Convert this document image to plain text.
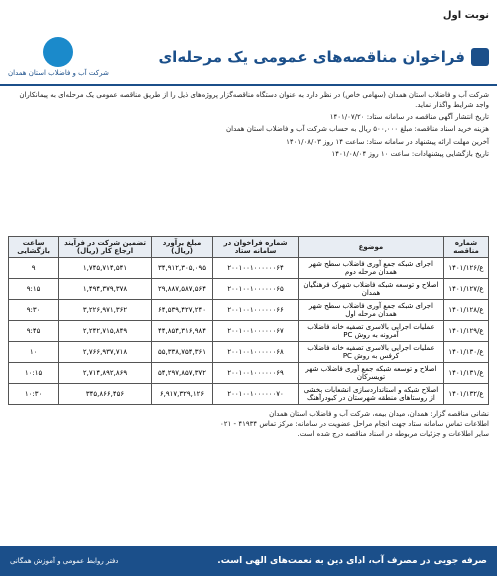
نوبت اول
فراخوان مناقصه‌های عمومی یک مرحله‌ای
شرکت آب و فاضلاب استان همدان

شرکت آب و فاضلاب استان همدان (سهامی خاص) در نظر دارد به عنوان دستگاه مناقصه‌گزار پروژه‌های ذیل را از طریق مناقصه عمومی یک مرحله‌ای به پیمانکاران واجد شرایط واگذار نماید.

تاریخ انتشار آگهی مناقصه در سامانه ستاد: ۱۴۰۱/۰۷/۲۰

هزینه خرید اسناد مناقصه: مبلغ ۵۰۰,۰۰۰ ریال به حساب شرکت آب و فاضلاب استان همدان

آخرین مهلت ارائه پیشنهاد در سامانه ستاد: ساعت ۱۴ روز ۱۴۰۱/۰۸/۰۳

تاریخ بازگشایی پیشنهادات: ساعت ۱۰ روز ۱۴۰۱/۰۸/۰۴

شماره مناقصه	موضوع	شماره فراخوان در سامانه ستاد	مبلغ برآورد (ریال)	تضمین شرکت در فرآیند ارجاع کار (ریال)	ساعت بازگشایی
ع/۱۴۰۱/۱۲۶	اجرای شبکه جمع آوری فاضلاب سطح شهر همدان مرحله دوم	۲۰۰۱۰۰۱۰۰۰۰۰۰۶۴	۳۴,۹۱۲,۳۰۵,۰۹۵	۱,۷۴۵,۷۱۴,۵۴۱	۹
ع/۱۴۰۱/۱۲۷	اصلاح و توسعه شبکه فاضلاب شهرک فرهنگیان همدان	۲۰۰۱۰۰۱۰۰۰۰۰۰۶۵	۲۹,۸۸۷,۵۸۷,۵۶۴	۱,۴۹۴,۳۷۹,۳۷۸	۹:۱۵
ع/۱۴۰۱/۱۲۸	اجرای شبکه جمع آوری فاضلاب سطح شهر همدان مرحله اول	۲۰۰۱۰۰۱۰۰۰۰۰۰۶۶	۶۴,۵۳۹,۴۲۷,۲۴۰	۳,۲۲۶,۹۷۱,۳۶۲	۹:۳۰
ع/۱۴۰۱/۱۲۹	عملیات اجرایی بالاسری تصفیه خانه فاضلاب آمرونه به روش PC	۲۰۰۱۰۰۱۰۰۰۰۰۰۶۷	۴۴,۸۵۴,۳۱۶,۹۸۴	۲,۲۴۲,۷۱۵,۸۴۹	۹:۴۵
ع/۱۴۰۱/۱۳۰	عملیات اجرایی بالاسری تصفیه خانه فاضلاب کرفس به روش PC	۲۰۰۱۰۰۱۰۰۰۰۰۰۶۸	۵۵,۳۳۸,۷۵۴,۳۶۱	۲,۷۶۶,۹۳۷,۷۱۸	۱۰
ع/۱۴۰۱/۱۳۱	اصلاح و توسعه شبکه جمع آوری فاضلاب شهر تویسرکان	۲۰۰۱۰۰۱۰۰۰۰۰۰۶۹	۵۴,۲۹۷,۸۵۷,۳۷۲	۲,۷۱۴,۸۹۲,۸۶۹	۱۰:۱۵
ع/۱۴۰۱/۱۳۲	اصلاح شبکه و استانداردسازی انشعابات بخشی از روستاهای منطقه شهرستان در کبودرآهنگ	۲۰۰۱۰۰۱۰۰۰۰۰۰۷۰	۶,۹۱۷,۳۲۹,۱۲۶	۳۴۵,۸۶۶,۴۵۶	۱۰:۳۰

نشانی مناقصه گزار: همدان، میدان بیمه، شرکت آب و فاضلاب استان همدان

اطلاعات تماس سامانه ستاد جهت انجام مراحل عضویت در سامانه: مرکز تماس ۴۱۹۳۴ - ۰۲۱

سایر اطلاعات و جزئیات مربوطه در اسناد مناقصه درج شده است.

صرفه جویی در مصرف آب، ادای دین به نعمت‌های الهی است.
دفتر روابط عمومی و آموزش همگانی
